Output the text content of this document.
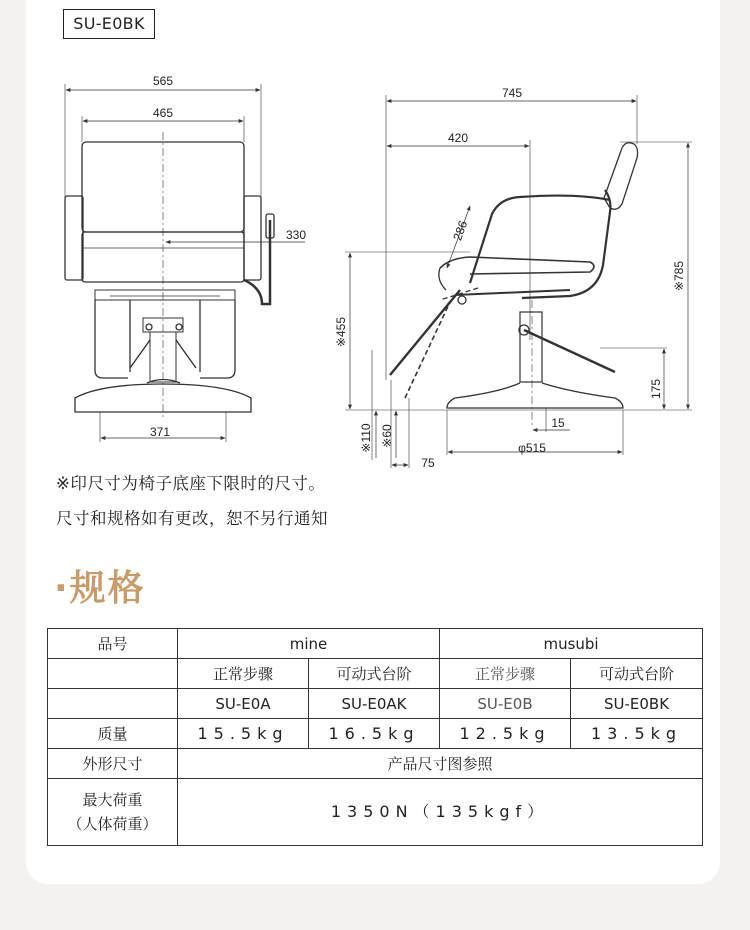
SU-E0BK
565
465
330
371
745
420
286
※785
※455
175
※110 ※60
75
15
φ515
※印尺寸为椅子底座下限时的尺寸。
尺寸和规格如有更改，恕不另行通知
·规格
品号	mine		musubi	
	正常步骤	可动式台阶	正常步骤	可动式台阶
	SU-E0A	SU-E0AK	SU-E0B	SU-E0BK
质量	15.5kg	16.5kg	12.5kg	13.5kg
外形尺寸	产品尺寸图参照			

最大荷重
（人体荷重）	1350N（135kgf）			
